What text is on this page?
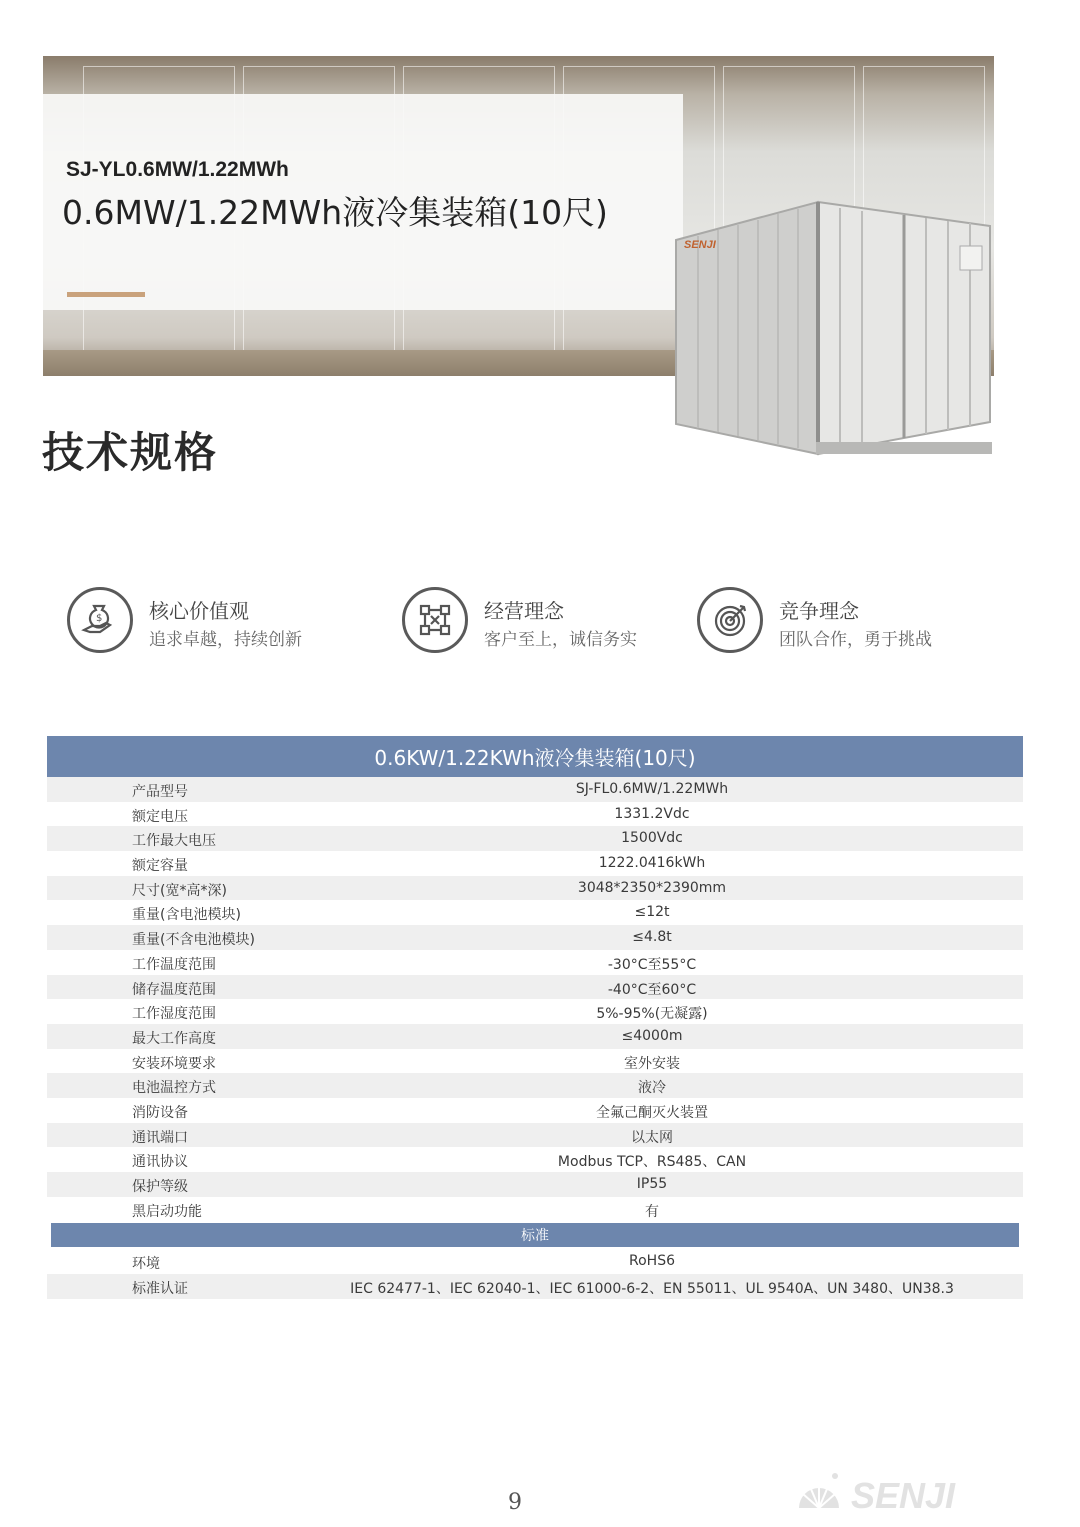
SJ-YL0.6MW/1.22MWh
0.6MW/1.22MWh液冷集装箱(10尺)
SENJI
技术规格
$ 核心价值观
追求卓越，持续创新
经营理念
客户至上，诚信务实
竞争理念
团队合作，勇于挑战
0.6KW/1.22KWh液冷集装箱(10尺)
产品型号	SJ-FL0.6MW/1.22MWh
额定电压	1331.2Vdc
工作最大电压	1500Vdc
额定容量	1222.0416kWh
尺寸(宽*高*深)	3048*2350*2390mm
重量(含电池模块)	≤12t
重量(不含电池模块)	≤4.8t
工作温度范围	-30°C至55°C
储存温度范围	-40°C至60°C
工作湿度范围	5%-95%(无凝露)
最大工作高度	≤4000m
安装环境要求	室外安装
电池温控方式	液冷
消防设备	全氟己酮灭火装置
通讯端口	以太网
通讯协议	Modbus TCP、RS485、CAN
保护等级	IP55
黑启动功能	有
标准
环境	RoHS6
标准认证	IEC 62477-1、IEC 62040-1、IEC 61000-6-2、EN 55011、UL 9540A、UN 3480、UN38.3
9	SENJI
